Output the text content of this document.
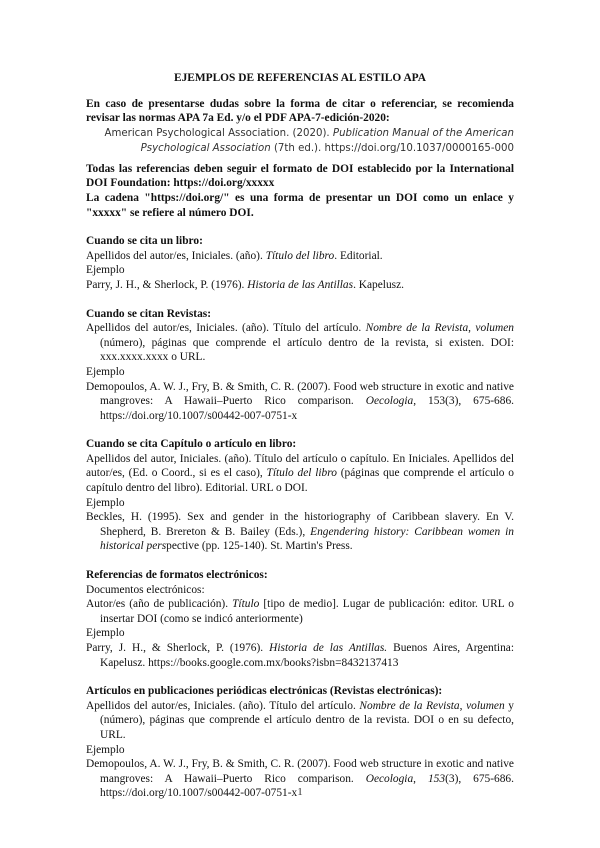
EJEMPLOS DE REFERENCIAS AL ESTILO APA
En caso de presentarse dudas sobre la forma de citar o referenciar, se recomienda revisar las normas APA 7a Ed. y/o el PDF APA-7-edición-2020:
American Psychological Association. (2020). Publication Manual of the American Psychological Association (7th ed.). https://doi.org/10.1037/0000165-000
Todas las referencias deben seguir el formato de DOI establecido por la International DOI Foundation: https://doi.org/xxxxx
La cadena "https://doi.org/" es una forma de presentar un DOI como un enlace y "xxxxx" se refiere al número DOI.
Cuando se cita un libro:
Apellidos del autor/es, Iniciales. (año). Título del libro. Editorial.
Ejemplo
Parry, J. H., & Sherlock, P. (1976). Historia de las Antillas. Kapelusz.
Cuando se citan Revistas:
Apellidos del autor/es, Iniciales. (año). Título del artículo. Nombre de la Revista, volumen (número), páginas que comprende el artículo dentro de la revista, si existen. DOI: xxx.xxxx.xxxx o URL.
Ejemplo
Demopoulos, A. W. J., Fry, B. & Smith, C. R. (2007). Food web structure in exotic and native mangroves: A Hawaii–Puerto Rico comparison. Oecologia, 153(3), 675-686. https://doi.org/10.1007/s00442-007-0751-x
Cuando se cita Capítulo o artículo en libro:
Apellidos del autor, Iniciales. (año). Título del artículo o capítulo. En Iniciales. Apellidos del autor/es, (Ed. o Coord., si es el caso), Título del libro (páginas que comprende el artículo o capítulo dentro del libro). Editorial. URL o DOI.
Ejemplo
Beckles, H. (1995). Sex and gender in the historiography of Caribbean slavery. En V. Shepherd, B. Brereton & B. Bailey (Eds.), Engendering history: Caribbean women in historical perspective (pp. 125-140). St. Martin's Press.
Referencias de formatos electrónicos:
Documentos electrónicos:
Autor/es (año de publicación). Título [tipo de medio]. Lugar de publicación: editor. URL o insertar DOI (como se indicó anteriormente)
Ejemplo
Parry, J. H., & Sherlock, P. (1976). Historia de las Antillas. Buenos Aires, Argentina: Kapelusz. https://books.google.com.mx/books?isbn=8432137413
Artículos en publicaciones periódicas electrónicas (Revistas electrónicas):
Apellidos del autor/es, Iniciales. (año). Título del artículo. Nombre de la Revista, volumen y (número), páginas que comprende el artículo dentro de la revista. DOI o en su defecto, URL.
Ejemplo
Demopoulos, A. W. J., Fry, B. & Smith, C. R. (2007). Food web structure in exotic and native mangroves: A Hawaii–Puerto Rico comparison. Oecologia, 153(3), 675-686. https://doi.org/10.1007/s00442-007-0751-x 1
